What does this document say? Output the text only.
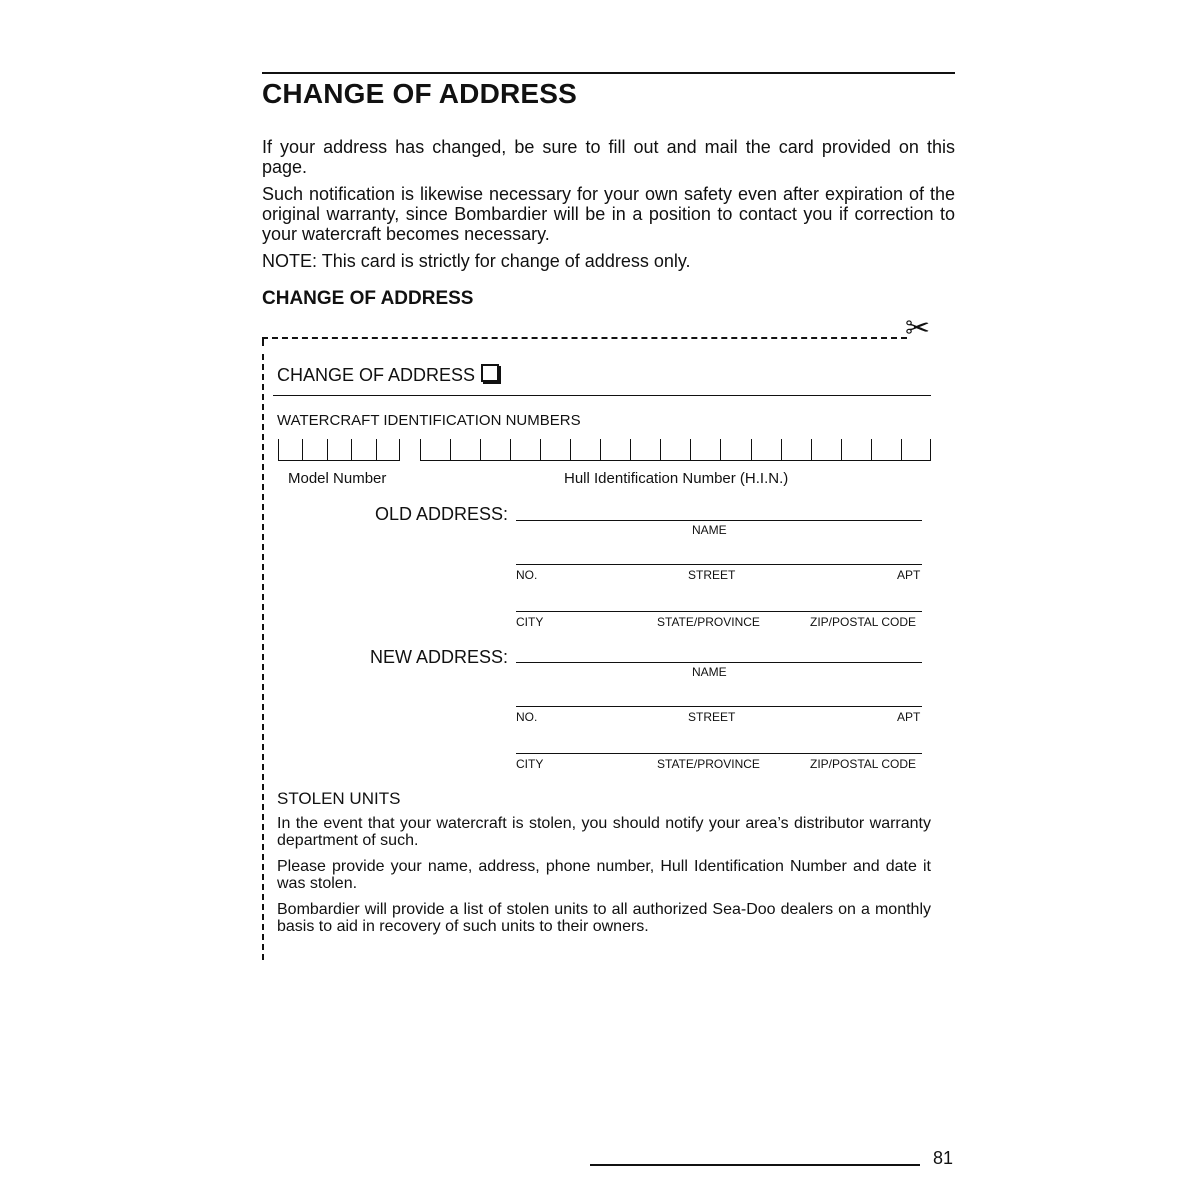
CHANGE OF ADDRESS
If your address has changed, be sure to fill out and mail the card provided on this page.
Such notification is likewise necessary for your own safety even after expiration of the original warranty, since Bombardier will be in a position to contact you if correction to your watercraft becomes necessary.
NOTE: This card is strictly for change of address only.
CHANGE OF ADDRESS
✂
CHANGE OF ADDRESS
WATERCRAFT IDENTIFICATION NUMBERS
Model Number	Hull Identification Number (H.I.N.)
OLD ADDRESS:
NAME
NO.	STREET	APT
CITY	STATE/PROVINCE	ZIP/POSTAL CODE
NEW ADDRESS:
NAME
NO.	STREET	APT
CITY	STATE/PROVINCE	ZIP/POSTAL CODE
STOLEN UNITS
In the event that your watercraft is stolen, you should notify your area’s distributor warranty department of such.
Please provide your name, address, phone number, Hull Identification Number and date it was stolen.
Bombardier will provide a list of stolen units to all authorized Sea-Doo dealers on a monthly basis to aid in recovery of such units to their owners.
81
